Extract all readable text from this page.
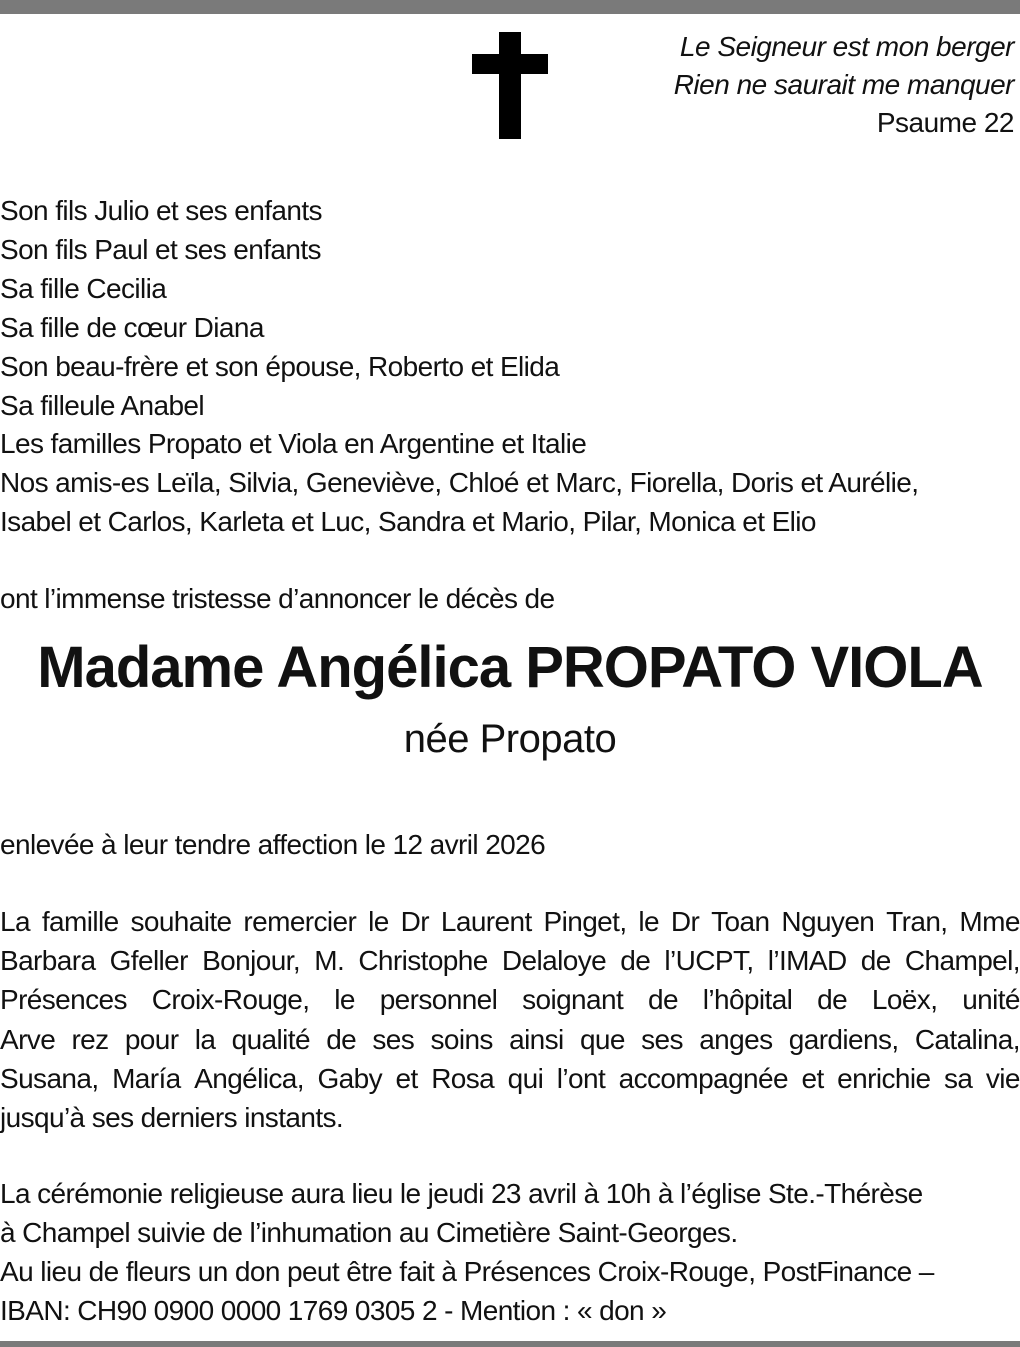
Le Seigneur est mon berger
Rien ne saurait me manquer
Psaume 22
Son fils Julio et ses enfants
Son fils Paul et ses enfants
Sa fille Cecilia
Sa fille de cœur Diana
Son beau-frère et son épouse, Roberto et Elida
Sa filleule Anabel
Les familles Propato et Viola en Argentine et Italie
Nos amis-es Leïla, Silvia, Geneviève, Chloé et Marc, Fiorella, Doris et Aurélie,
Isabel et Carlos, Karleta et Luc, Sandra et Mario, Pilar, Monica et Elio
ont l’immense tristesse d’annoncer le décès de
Madame Angélica PROPATO VIOLA
née Propato
enlevée à leur tendre affection le 12 avril 2026
La famille souhaite remercier le Dr Laurent Pinget, le Dr Toan Nguyen Tran, Mme
Barbara Gfeller Bonjour, M. Christophe Delaloye de l’UCPT, l’IMAD de Champel,
Présences Croix-Rouge, le personnel soignant de l’hôpital de Loëx, unité
Arve rez pour la qualité de ses soins ainsi que ses anges gardiens, Catalina,
Susana, María Angélica, Gaby et Rosa qui l’ont accompagnée et enrichie sa vie
jusqu’à ses derniers instants.
La cérémonie religieuse aura lieu le jeudi 23 avril à 10h à l’église Ste.-Thérèse
à Champel suivie de l’inhumation au Cimetière Saint-Georges.
Au lieu de fleurs un don peut être fait à Présences Croix-Rouge, PostFinance –
IBAN: CH90 0900 0000 1769 0305 2 - Mention : « don »
